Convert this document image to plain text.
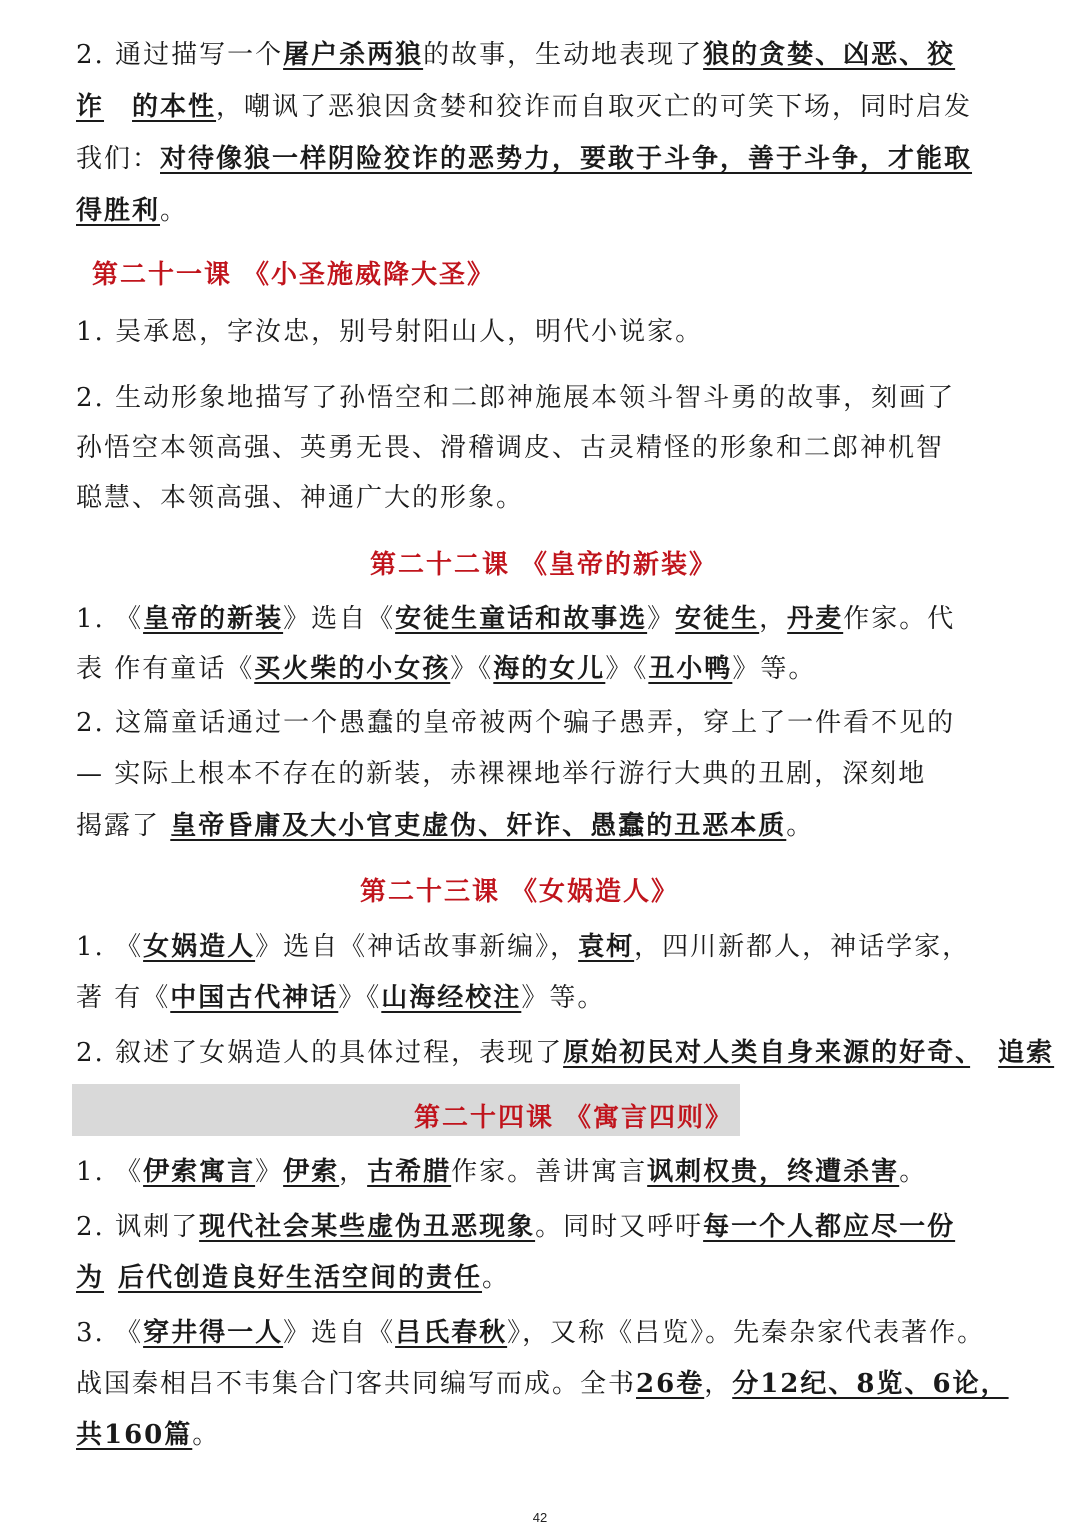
2. 通过描写一个屠户杀两狼的故事，生动地表现了狼的贪婪、凶恶、狡
诈　 的本性，嘲讽了恶狼因贪婪和狡诈而自取灭亡的可笑下场，同时启发
我们：对待像狼一样阴险狡诈的恶势力，要敢于斗争，善于斗争，才能取
得胜利。
第二十一课 《小圣施威降大圣》
1. 吴承恩，字汝忠，别号射阳山人，明代小说家。
2. 生动形象地描写了孙悟空和二郎神施展本领斗智斗勇的故事，刻画了
孙悟空本领高强、英勇无畏、滑稽调皮、古灵精怪的形象和二郎神机智
聪慧、本领高强、神通广大的形象。
第二十二课 《皇帝的新装》
1. 《皇帝的新装》选自《安徒生童话和故事选》安徒生，丹麦作家。代
表 作有童话《买火柴的小女孩》《海的女儿》《丑小鸭》等。
2. 这篇童话通过一个愚蠢的皇帝被两个骗子愚弄，穿上了一件看不见的
— 实际上根本不存在的新装，赤裸裸地举行游行大典的丑剧，深刻地
揭露了 皇帝昏庸及大小官吏虚伪、奸诈、愚蠢的丑恶本质。
第二十三课 《女娲造人》
1. 《女娲造人》选自《神话故事新编》，袁柯，四川新都人，神话学家，
著 有《中国古代神话》《山海经校注》等。
2. 叙述了女娲造人的具体过程，表现了原始初民对人类自身来源的好奇、　 追索
第二十四课 《寓言四则》
1. 《伊索寓言》伊索，古希腊作家。善讲寓言讽刺权贵，终遭杀害。
2. 讽刺了现代社会某些虚伪丑恶现象。同时又呼吁每一个人都应尽一份
为 后代创造良好生活空间的责任。
3. 《穿井得一人》选自《吕氏春秋》，又称《吕览》。先秦杂家代表著作。
战国秦相吕不韦集合门客共同编写而成。全书26卷，分12纪、8览、6论，
共160篇。
42
